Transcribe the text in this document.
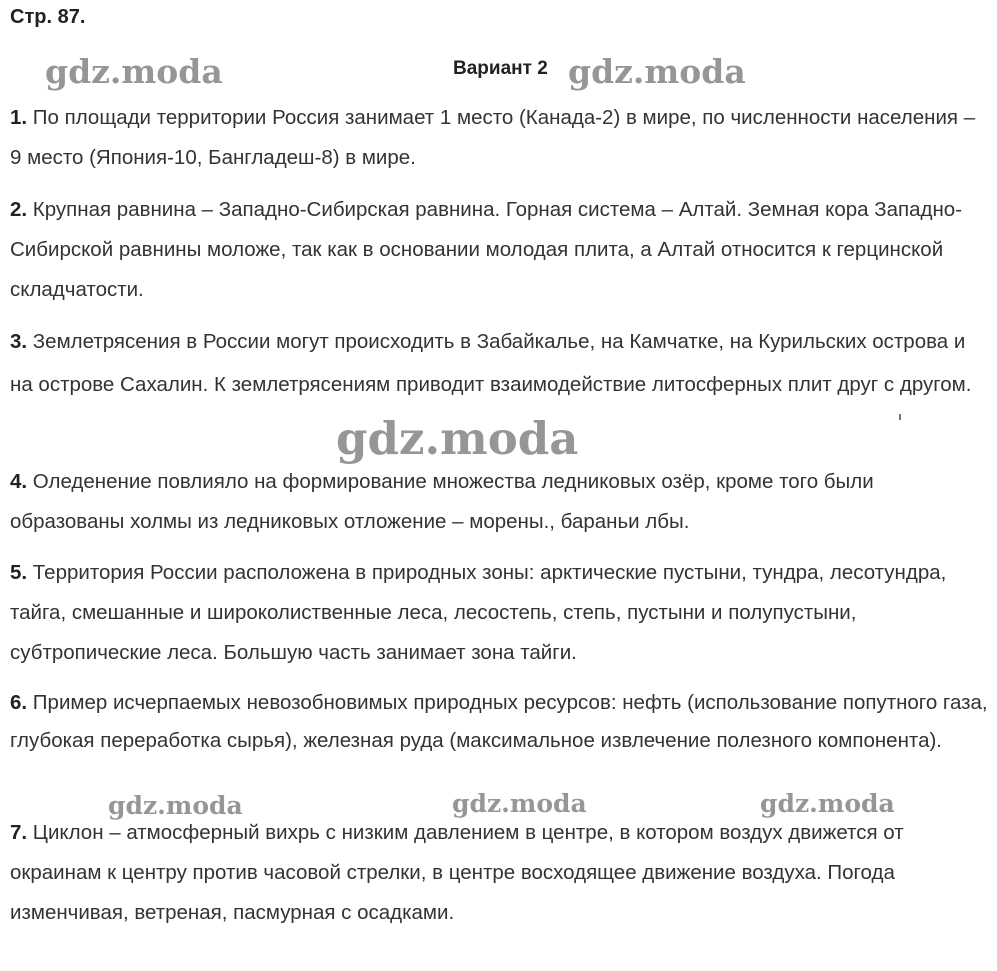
Стр. 87.
Вариант 2

1. По площади территории Россия занимает 1 место (Канада-2) в мире, по численности населения – 9 место (Япония-10, Бангладеш-8) в мире.

2. Крупная равнина – Западно-Сибирская равнина. Горная система – Алтай. Земная кора Западно-Сибирской равнины моложе, так как в основании молодая плита, а Алтай относится к герцинской складчатости.

3. Землетрясения в России могут происходить в Забайкалье, на Камчатке, на Курильских острова и на острове Сахалин. К землетрясениям приводит взаимодействие литосферных плит друг с другом.

4. Оледенение повлияло на формирование множества ледниковых озёр, кроме того были образованы холмы из ледниковых отложение – морены., бараньи лбы.

5. Территория России расположена в природных зоны: арктические пустыни, тундра, лесотундра, тайга, смешанные и широколиственные леса, лесостепь, степь, пустыни и полупустыни, субтропические леса. Большую часть занимает зона тайги.

6. Пример исчерпаемых невозобновимых природных ресурсов: нефть (использование попутного газа, глубокая переработка сырья), железная руда (максимальное извлечение полезного компонента).

7. Циклон – атмосферный вихрь с низким давлением в центре, в котором воздух движется от окраинам к центру против часовой стрелки, в центре восходящее движение воздуха. Погода изменчивая, ветреная, пасмурная с осадками.

gdz.moda	gdz.moda
gdz.moda
gdz.moda	gdz.moda	gdz.moda
